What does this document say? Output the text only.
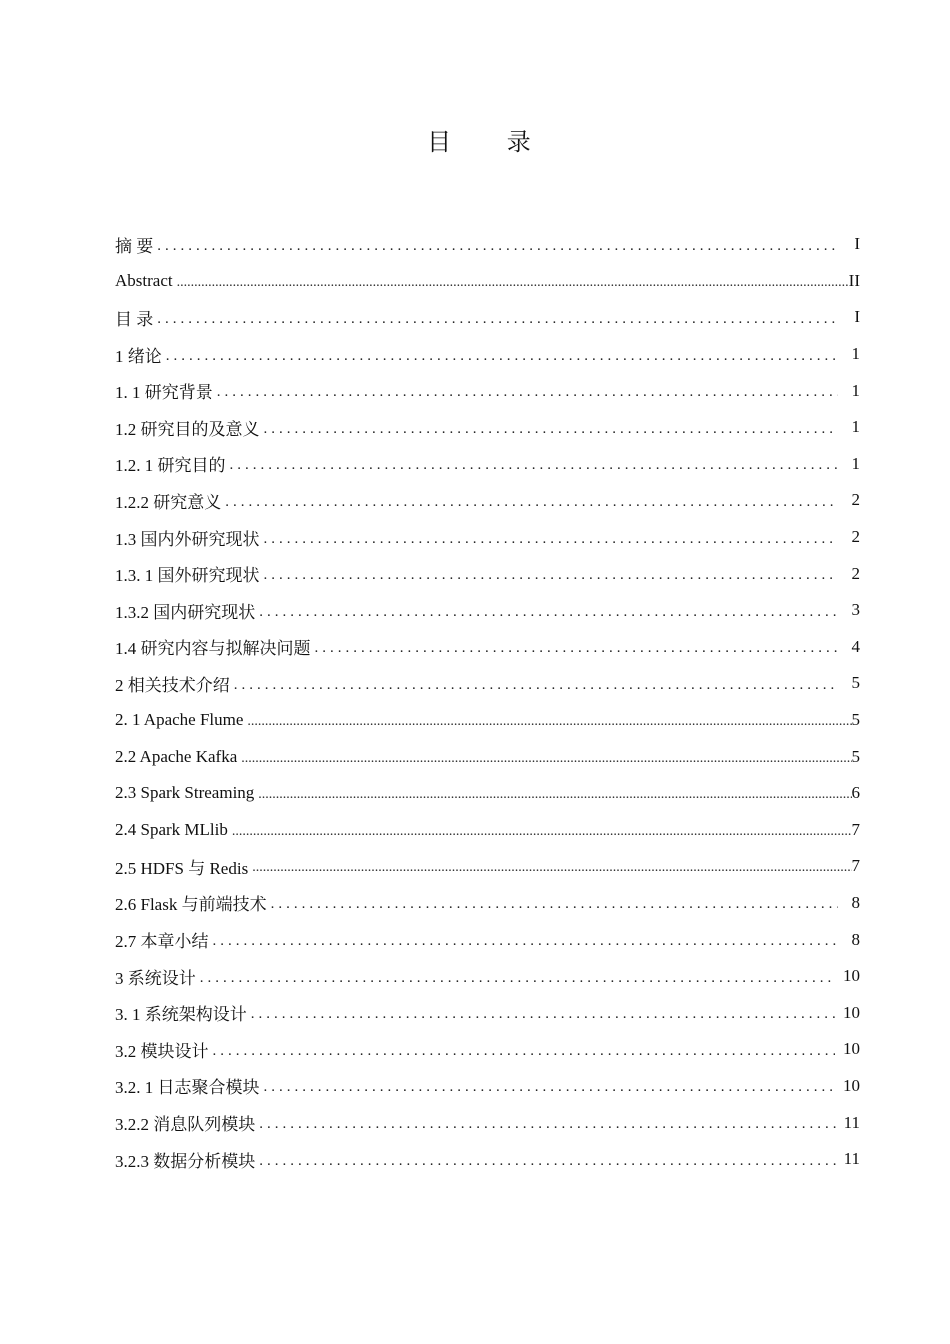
目 录
摘 要 .....	I
Abstract .....	II
目 录 .....	I
1 绪论 .....	1
1. 1 研究背景 .....	1
1.2 研究目的及意义 .....	1
1.2. 1 研究目的 .....	1
1.2.2 研究意义 .....	2
1.3 国内外研究现状 .....	2
1.3. 1 国外研究现状 .....	2
1.3.2 国内研究现状 .....	3
1.4 研究内容与拟解决问题 .....	4
2 相关技术介绍 .....	5
2. 1 Apache Flume .....	5
2.2 Apache Kafka .....	5
2.3 Spark Streaming .....	6
2.4 Spark MLlib .....	7
2.5 HDFS 与 Redis .....	7
2.6 Flask 与前端技术 .....	8
2.7 本章小结 .....	8
3 系统设计 .....	10
3. 1 系统架构设计 .....	10
3.2 模块设计 .....	10
3.2. 1 日志聚合模块 .....	10
3.2.2 消息队列模块 .....	11
3.2.3 数据分析模块 .....	11
